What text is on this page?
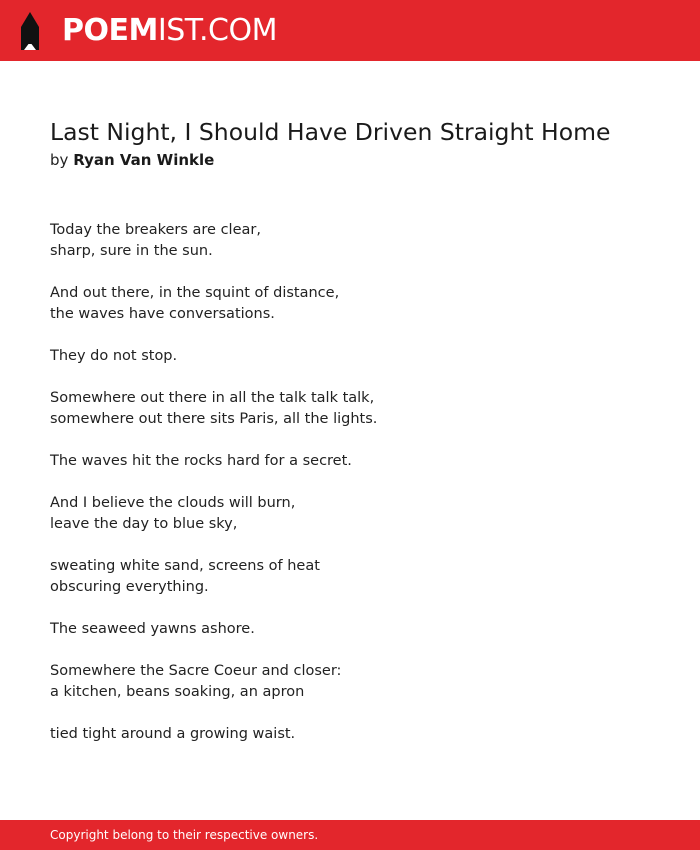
POEMIST.COM
Last Night, I Should Have Driven Straight Home
by Ryan Van Winkle
Today the breakers are clear,
sharp, sure in the sun.
And out there, in the squint of distance,
the waves have conversations.
They do not stop.
Somewhere out there in all the talk talk talk,
somewhere out there sits Paris, all the lights.
The waves hit the rocks hard for a secret.
And I believe the clouds will burn,
leave the day to blue sky,
sweating white sand, screens of heat
obscuring everything.
The seaweed yawns ashore.
Somewhere the Sacre Coeur and closer:
a kitchen, beans soaking, an apron
tied tight around a growing waist.
Copyright belong to their respective owners.
